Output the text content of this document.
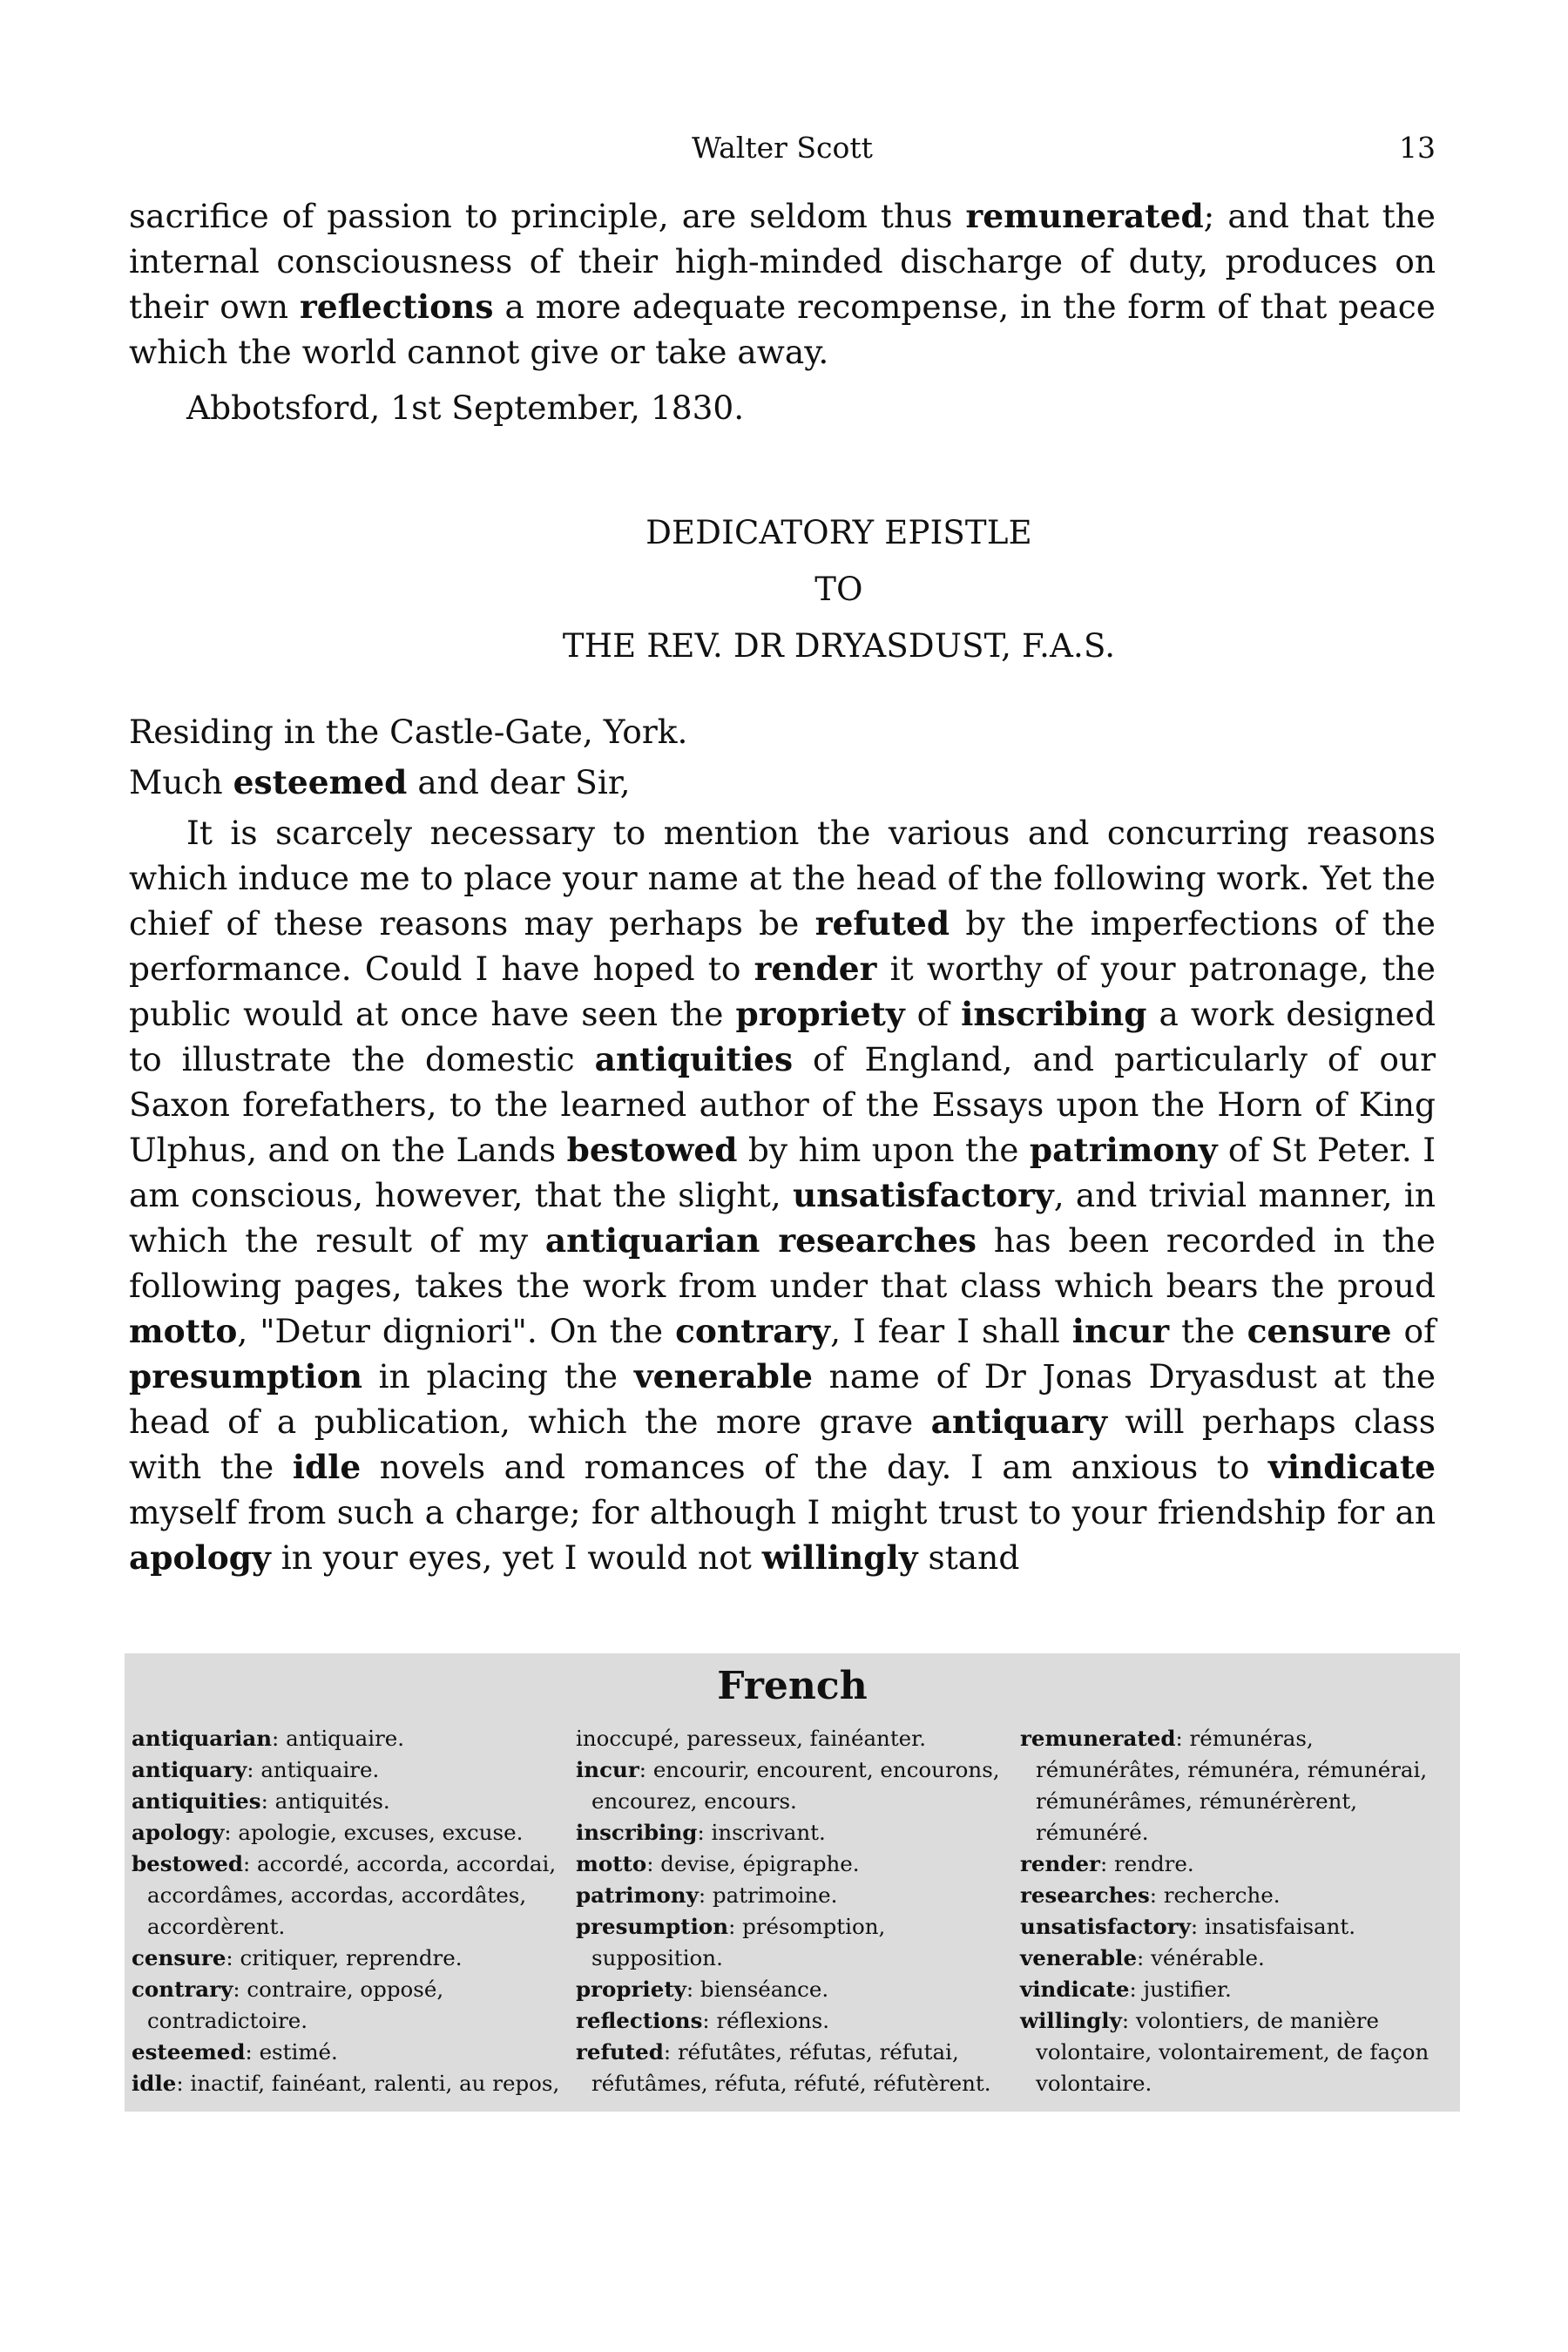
Walter Scott	13

sacrifice of passion to principle, are seldom thus remunerated; and that the internal consciousness of their high-minded discharge of duty, produces on their own reflections a more adequate recompense, in the form of that peace which the world cannot give or take away.

Abbotsford, 1st September, 1830.

DEDICATORY EPISTLE
TO
THE REV. DR DRYASDUST, F.A.S.

Residing in the Castle-Gate, York.

Much esteemed and dear Sir,

It is scarcely necessary to mention the various and concurring reasons which induce me to place your name at the head of the following work. Yet the chief of these reasons may perhaps be refuted by the imperfections of the performance. Could I have hoped to render it worthy of your patronage, the public would at once have seen the propriety of inscribing a work designed to illustrate the domestic antiquities of England, and particularly of our Saxon forefathers, to the learned author of the Essays upon the Horn of King Ulphus, and on the Lands bestowed by him upon the patrimony of St Peter. I am conscious, however, that the slight, unsatisfactory, and trivial manner, in which the result of my antiquarian researches has been recorded in the following pages, takes the work from under that class which bears the proud motto, "Detur digniori". On the contrary, I fear I shall incur the censure of presumption in placing the venerable name of Dr Jonas Dryasdust at the head of a publication, which the more grave antiquary will perhaps class with the idle novels and romances of the day. I am anxious to vindicate myself from such a charge; for although I might trust to your friendship for an apology in your eyes, yet I would not willingly stand

French
antiquarian: antiquaire.
antiquary: antiquaire.
antiquities: antiquités.
apology: apologie, excuses, excuse.
bestowed: accordé, accorda, accordai, accordâmes, accordas, accordâtes, accordèrent.
censure: critiquer, reprendre.
contrary: contraire, opposé, contradictoire.
esteemed: estimé.
idle: inactif, fainéant, ralenti, au repos,
inoccupé, paresseux, fainéanter.
incur: encourir, encourent, encourons, encourez, encours.
inscribing: inscrivant.
motto: devise, épigraphe.
patrimony: patrimoine.
presumption: présomption, supposition.
propriety: bienséance.
reflections: réflexions.
refuted: réfutâtes, réfutas, réfutai, réfutâmes, réfuta, réfuté, réfutèrent.
remunerated: rémunéras, rémunérâtes, rémunéra, rémunérai, rémunérâmes, rémunérèrent, rémunéré.
render: rendre.
researches: recherche.
unsatisfactory: insatisfaisant.
venerable: vénérable.
vindicate: justifier.
willingly: volontiers, de manière volontaire, volontairement, de façon volontaire.
